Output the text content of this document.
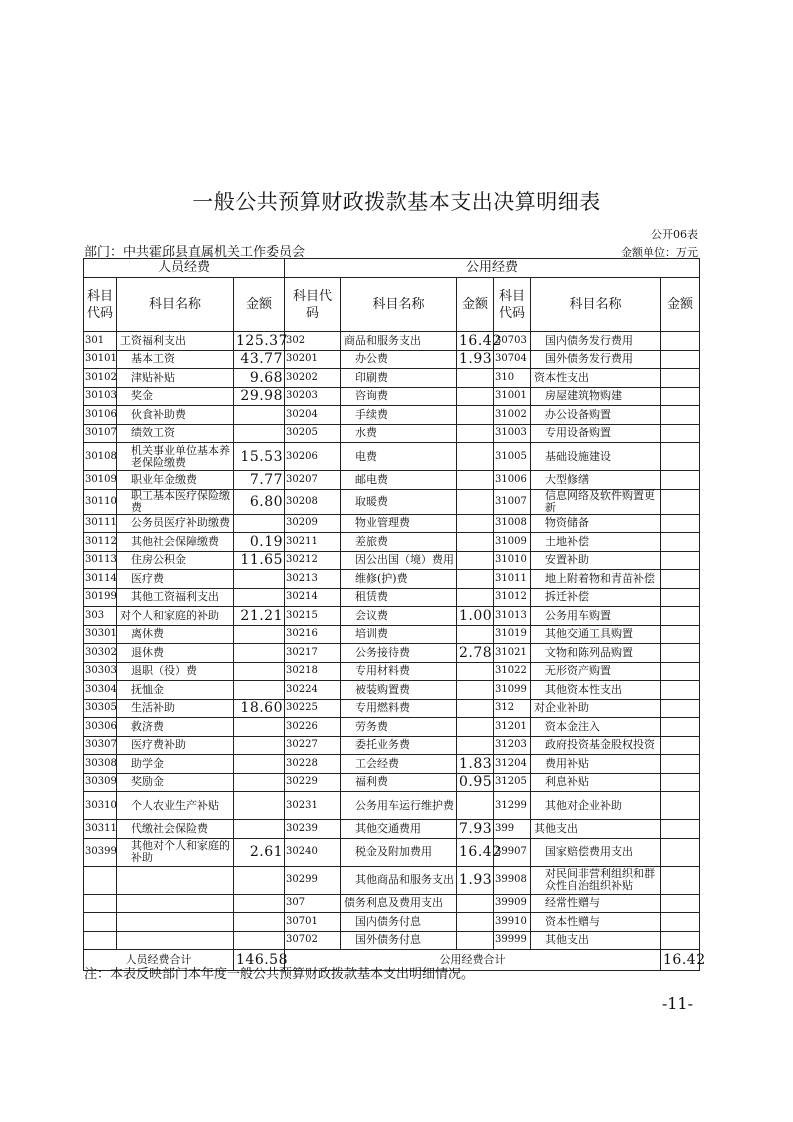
一般公共预算财政拨款基本支出决算明细表
公开06表
部门：中共霍邱县直属机关工作委员会	金额单位：万元
人员经费			公用经费					
科目代码	科目名称	金额	科目代码	科目名称	金额	科目代码	科目名称	金额
301	工资福利支出	125.37	302	商品和服务支出	16.42	30703	国内债务发行费用	
30101	基本工资	43.77	30201	办公费	1.93	30704	国外债务发行费用	
30102	津贴补贴	9.68	30202	印刷费		310	资本性支出	
30103	奖金	29.98	30203	咨询费		31001	房屋建筑物购建	
30106	伙食补助费		30204	手续费		31002	办公设备购置	
30107	绩效工资		30205	水费		31003	专用设备购置	
30108	机关事业单位基本养老保险缴费	15.53	30206	电费		31005	基础设施建设	
30109	职业年金缴费	7.77	30207	邮电费		31006	大型修缮	
30110	职工基本医疗保险缴费	6.80	30208	取暖费		31007	信息网络及软件购置更新	
30111	公务员医疗补助缴费		30209	物业管理费		31008	物资储备	
30112	其他社会保障缴费	0.19	30211	差旅费		31009	土地补偿	
30113	住房公积金	11.65	30212	因公出国（境）费用		31010	安置补助	
30114	医疗费		30213	维修(护)费		31011	地上附着物和青苗补偿	
30199	其他工资福利支出		30214	租赁费		31012	拆迁补偿	
303	对个人和家庭的补助	21.21	30215	会议费	1.00	31013	公务用车购置	
30301	离休费		30216	培训费		31019	其他交通工具购置	
30302	退休费		30217	公务接待费	2.78	31021	文物和陈列品购置	
30303	退职（役）费		30218	专用材料费		31022	无形资产购置	
30304	抚恤金		30224	被装购置费		31099	其他资本性支出	
30305	生活补助	18.60	30225	专用燃料费		312	对企业补助	
30306	救济费		30226	劳务费		31201	资本金注入	
30307	医疗费补助		30227	委托业务费		31203	政府投资基金股权投资	
30308	助学金		30228	工会经费	1.83	31204	费用补贴	
30309	奖励金		30229	福利费	0.95	31205	利息补贴	
30310	个人农业生产补贴		30231	公务用车运行维护费		31299	其他对企业补助	
30311	代缴社会保险费		30239	其他交通费用	7.93	399	其他支出	
30399	其他对个人和家庭的补助	2.61	30240	税金及附加费用	16.42	39907	国家赔偿费用支出	
			30299	其他商品和服务支出	1.93	39908	对民间非营利组织和群众性自治组织补贴	
			307	债务利息及费用支出		39909	经常性赠与	
			30701	国内债务付息		39910	资本性赠与	
			30702	国外债务付息		39999	其他支出	
人员经费合计		146.58	公用经费合计					16.42
注：本表反映部门本年度一般公共预算财政拨款基本支出明细情况。
-11-
